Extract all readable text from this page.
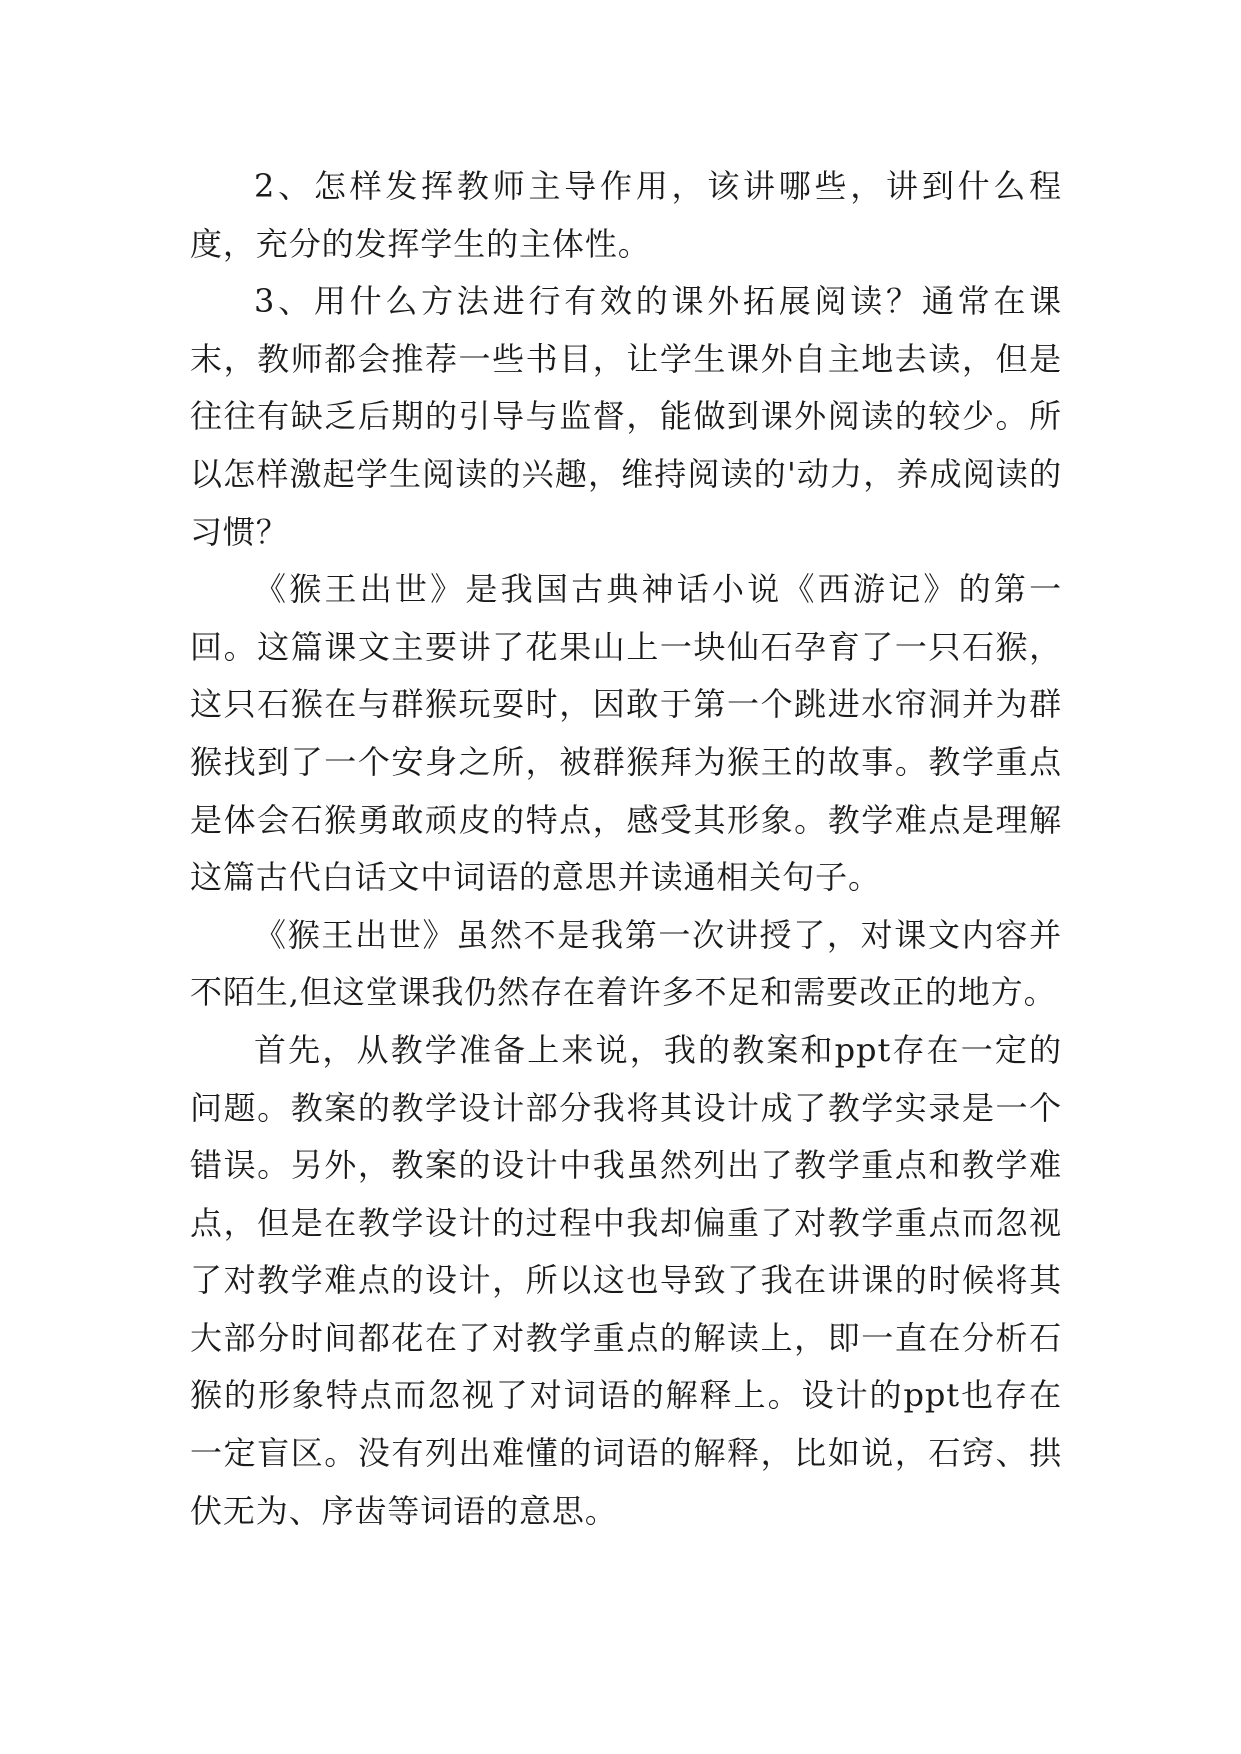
2、怎样发挥教师主导作用，该讲哪些，讲到什么程度，充分的发挥学生的主体性。

3、用什么方法进行有效的课外拓展阅读？通常在课末，教师都会推荐一些书目，让学生课外自主地去读，但是往往有缺乏后期的引导与监督，能做到课外阅读的较少。所以怎样激起学生阅读的兴趣，维持阅读的'动力，养成阅读的习惯？

《猴王出世》是我国古典神话小说《西游记》的第一回。这篇课文主要讲了花果山上一块仙石孕育了一只石猴，这只石猴在与群猴玩耍时，因敢于第一个跳进水帘洞并为群猴找到了一个安身之所，被群猴拜为猴王的故事。教学重点是体会石猴勇敢顽皮的特点，感受其形象。教学难点是理解这篇古代白话文中词语的意思并读通相关句子。

《猴王出世》虽然不是我第一次讲授了，对课文内容并不陌生,但这堂课我仍然存在着许多不足和需要改正的地方。

首先，从教学准备上来说，我的教案和ppt存在一定的问题。教案的教学设计部分我将其设计成了教学实录是一个错误。另外，教案的设计中我虽然列出了教学重点和教学难点，但是在教学设计的过程中我却偏重了对教学重点而忽视了对教学难点的设计，所以这也导致了我在讲课的时候将其大部分时间都花在了对教学重点的解读上，即一直在分析石猴的形象特点而忽视了对词语的解释上。设计的ppt也存在一定盲区。没有列出难懂的词语的解释，比如说，石窍、拱伏无为、序齿等词语的意思。
